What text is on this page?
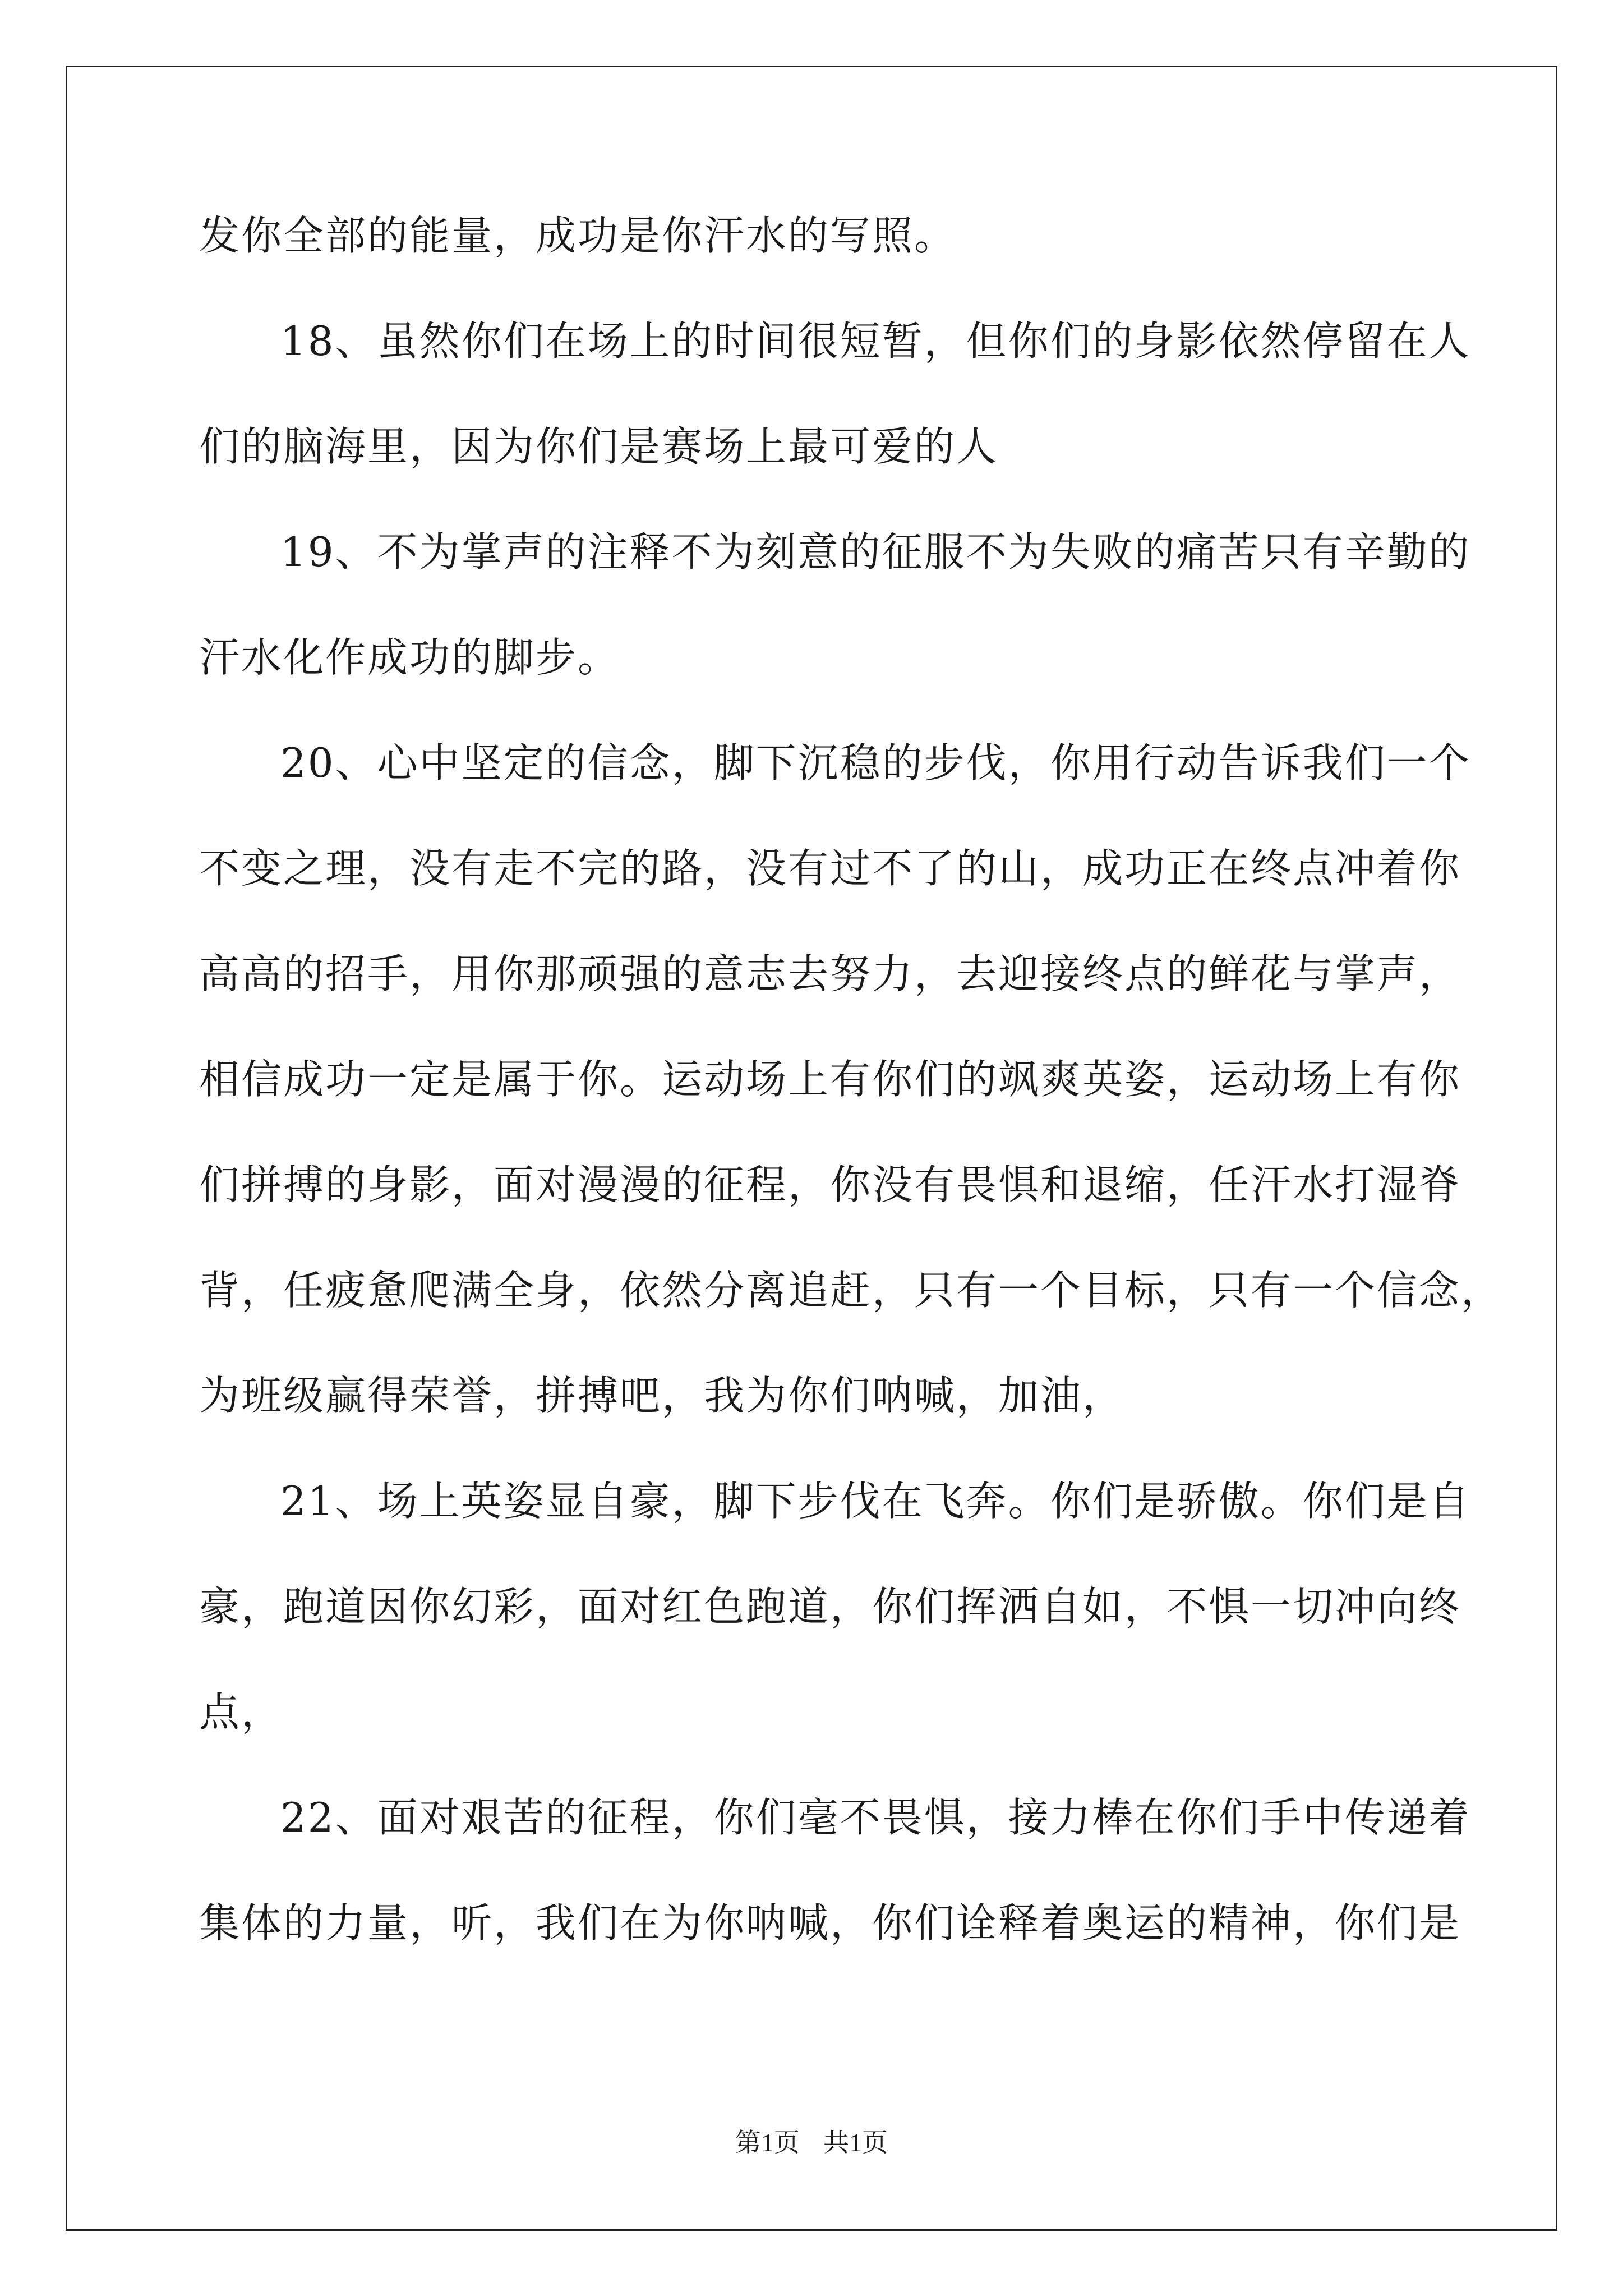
发你全部的能量，成功是你汗水的写照。
18、虽然你们在场上的时间很短暂，但你们的身影依然停留在人
们的脑海里，因为你们是赛场上最可爱的人
19、不为掌声的注释不为刻意的征服不为失败的痛苦只有辛勤的
汗水化作成功的脚步。
20、心中坚定的信念，脚下沉稳的步伐，你用行动告诉我们一个
不变之理，没有走不完的路，没有过不了的山，成功正在终点冲着你
高高的招手，用你那顽强的意志去努力，去迎接终点的鲜花与掌声，
相信成功一定是属于你。运动场上有你们的飒爽英姿，运动场上有你
们拼搏的身影，面对漫漫的征程，你没有畏惧和退缩，任汗水打湿脊
背，任疲惫爬满全身，依然分离追赶，只有一个目标，只有一个信念，
为班级赢得荣誉，拼搏吧，我为你们呐喊，加油，
21、场上英姿显自豪，脚下步伐在飞奔。你们是骄傲。你们是自
豪，跑道因你幻彩，面对红色跑道，你们挥洒自如，不惧一切冲向终
点，
22、面对艰苦的征程，你们毫不畏惧，接力棒在你们手中传递着
集体的力量，听，我们在为你呐喊，你们诠释着奥运的精神，你们是
第1页 共1页
